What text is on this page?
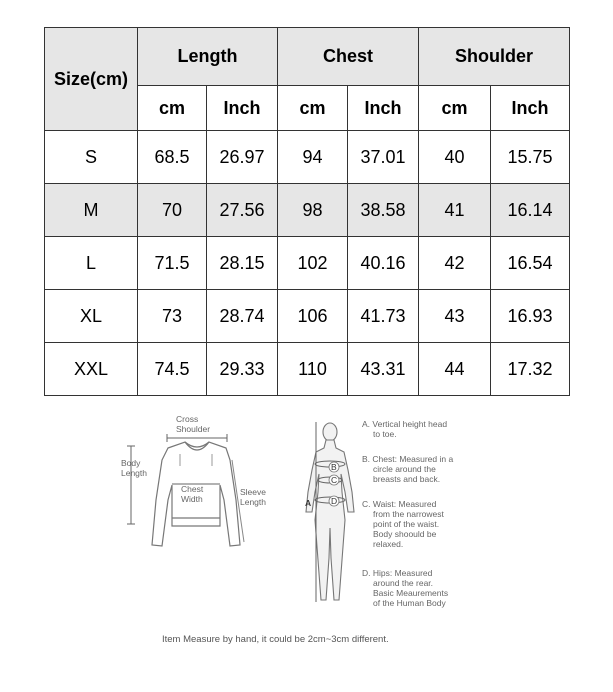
Size(cm)	Length		Chest		Shoulder	
	cm	Inch	cm	Inch	cm	Inch
S	68.5	26.97	94	37.01	40	15.75
M	70	27.56	98	38.58	41	16.14
L	71.5	28.15	102	40.16	42	16.54
XL	73	28.74	106	41.73	43	16.93
XXL	74.5	29.33	110	43.31	44	17.32
Cross
Shoulder
Body
Length
Chest
Width
Sleeve
Length	A
B
C
D
A. Vertical height head
to toe.
B. Chest: Measured in a
circle around the
breasts and back.
C. Waist: Measured
from the narrowest
point of the waist.
Body shoould be
relaxed.
D. Hips: Measured
around the rear.
Basic Meaurements
of the Human Body
Item Measure by hand, it could be 2cm~3cm different.
